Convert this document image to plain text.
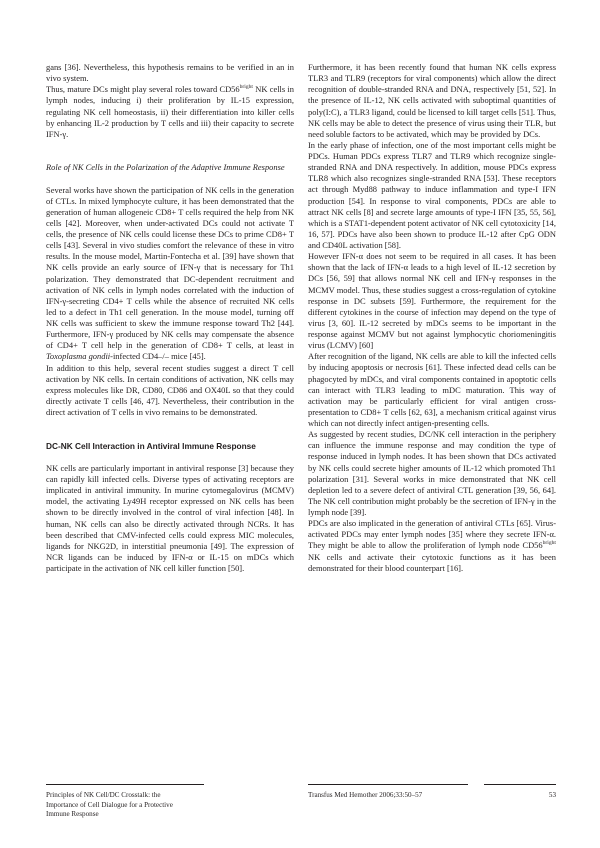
gans [36]. Nevertheless, this hypothesis remains to be verified in an in vivo system.

Thus, mature DCs might play several roles toward $CD56^{bright}$ NK cells in lymph nodes, inducing i) their proliferation by IL-15 expression, regulating NK cell homeostasis, ii) their differentiation into killer cells by enhancing IL-2 production by T cells and iii) their capacity to secrete IFN-γ.

Role of NK Cells in the Polarization of the Adaptive Immune Response

Several works have shown the participation of NK cells in the generation of CTLs. In mixed lymphocyte culture, it has been demonstrated that the generation of human allogeneic CD8+ T cells required the help from NK cells [42]. Moreover, when under-activated DCs could not activate T cells, the presence of NK cells could license these DCs to prime CD8+ T cells [43]. Several in vivo studies comfort the relevance of these in vitro results. In the mouse model, Martin-Fontecha et al. [39] have shown that NK cells provide an early source of IFN-γ that is necessary for Th1 polarization. They demonstrated that DC-dependent recruitment and activation of NK cells in lymph nodes correlated with the induction of IFN-γ-secreting CD4+ T cells while the absence of recruited NK cells led to a defect in Th1 cell generation. In the mouse model, turning off NK cells was sufficient to skew the immune response toward Th2 [44]. Furthermore, IFN-γ produced by NK cells may compensate the absence of CD4+ T cell help in the generation of CD8+ T cells, at least in Toxoplasma gondii-infected CD4–/– mice [45].

In addition to this help, several recent studies suggest a direct T cell activation by NK cells. In certain conditions of activation, NK cells may express molecules like DR, CD80, CD86 and OX40L so that they could directly activate T cells [46, 47]. Nevertheless, their contribution in the direct activation of T cells in vivo remains to be demonstrated.

DC-NK Cell Interaction in Antiviral Immune Response

NK cells are particularly important in antiviral response [3] because they can rapidly kill infected cells. Diverse types of activating receptors are implicated in antiviral immunity. In murine cytomegalovirus (MCMV) model, the activating Ly49H receptor expressed on NK cells has been shown to be directly involved in the control of viral infection [48]. In human, NK cells can also be directly activated through NCRs. It has been described that CMV-infected cells could express MIC molecules, ligands for NKG2D, in interstitial pneumonia [49]. The expression of NCR ligands can be induced by IFN-α or IL-15 on mDCs which participate in the activation of NK cell killer function [50].

Furthermore, it has been recently found that human NK cells express TLR3 and TLR9 (receptors for viral components) which allow the direct recognition of double-stranded RNA and DNA, respectively [51, 52]. In the presence of IL-12, NK cells activated with suboptimal quantities of poly(I:C), a TLR3 ligand, could be licensed to kill target cells [51]. Thus, NK cells may be able to detect the presence of virus using their TLR, but need soluble factors to be activated, which may be provided by DCs.

In the early phase of infection, one of the most important cells might be PDCs. Human PDCs express TLR7 and TLR9 which recognize single-stranded RNA and DNA respectively. In addition, mouse PDCs express TLR8 which also recognizes single-stranded RNA [53]. These receptors act through Myd88 pathway to induce inflammation and type-I IFN production [54]. In response to viral components, PDCs are able to attract NK cells [8] and secrete large amounts of type-I IFN [35, 55, 56], which is a STAT1-dependent potent activator of NK cell cytotoxicity [14, 16, 57]. PDCs have also been shown to produce IL-12 after CpG ODN and CD40L activation [58].

However IFN-α does not seem to be required in all cases. It has been shown that the lack of IFN-α leads to a high level of IL-12 secretion by DCs [56, 59] that allows normal NK cell and IFN-γ responses in the MCMV model. Thus, these studies suggest a cross-regulation of cytokine response in DC subsets [59]. Furthermore, the requirement for the different cytokines in the course of infection may depend on the type of virus [3, 60]. IL-12 secreted by mDCs seems to be important in the response against MCMV but not against lymphocytic choriomeningitis virus (LCMV) [60]

After recognition of the ligand, NK cells are able to kill the infected cells by inducing apoptosis or necrosis [61]. These infected dead cells can be phagocyted by mDCs, and viral components contained in apoptotic cells can interact with TLR3 leading to mDC maturation. This way of activation may be particularly efficient for viral antigen cross-presentation to CD8+ T cells [62, 63], a mechanism critical against virus which can not directly infect antigen-presenting cells.

As suggested by recent studies, DC/NK cell interaction in the periphery can influence the immune response and may condition the type of response induced in lymph nodes. It has been shown that DCs activated by NK cells could secrete higher amounts of IL-12 which promoted Th1 polarization [31]. Several works in mice demonstrated that NK cell depletion led to a severe defect of antiviral CTL generation [39, 56, 64]. The NK cell contribution might probably be the secretion of IFN-γ in the lymph node [39].

PDCs are also implicated in the generation of antiviral CTLs [65]. Virus-activated PDCs may enter lymph nodes [35] where they secrete IFN-α. They might be able to allow the proliferation of lymph node $CD56^{bright}$ NK cells and activate their cytotoxic functions as it has been demonstrated for their blood counterpart [16].

Principles of NK Cell/DC Crosstalk: the
Importance of Cell Dialogue for a Protective
Immune Response
Transfus Med Hemother 2006;33:50–57	53
